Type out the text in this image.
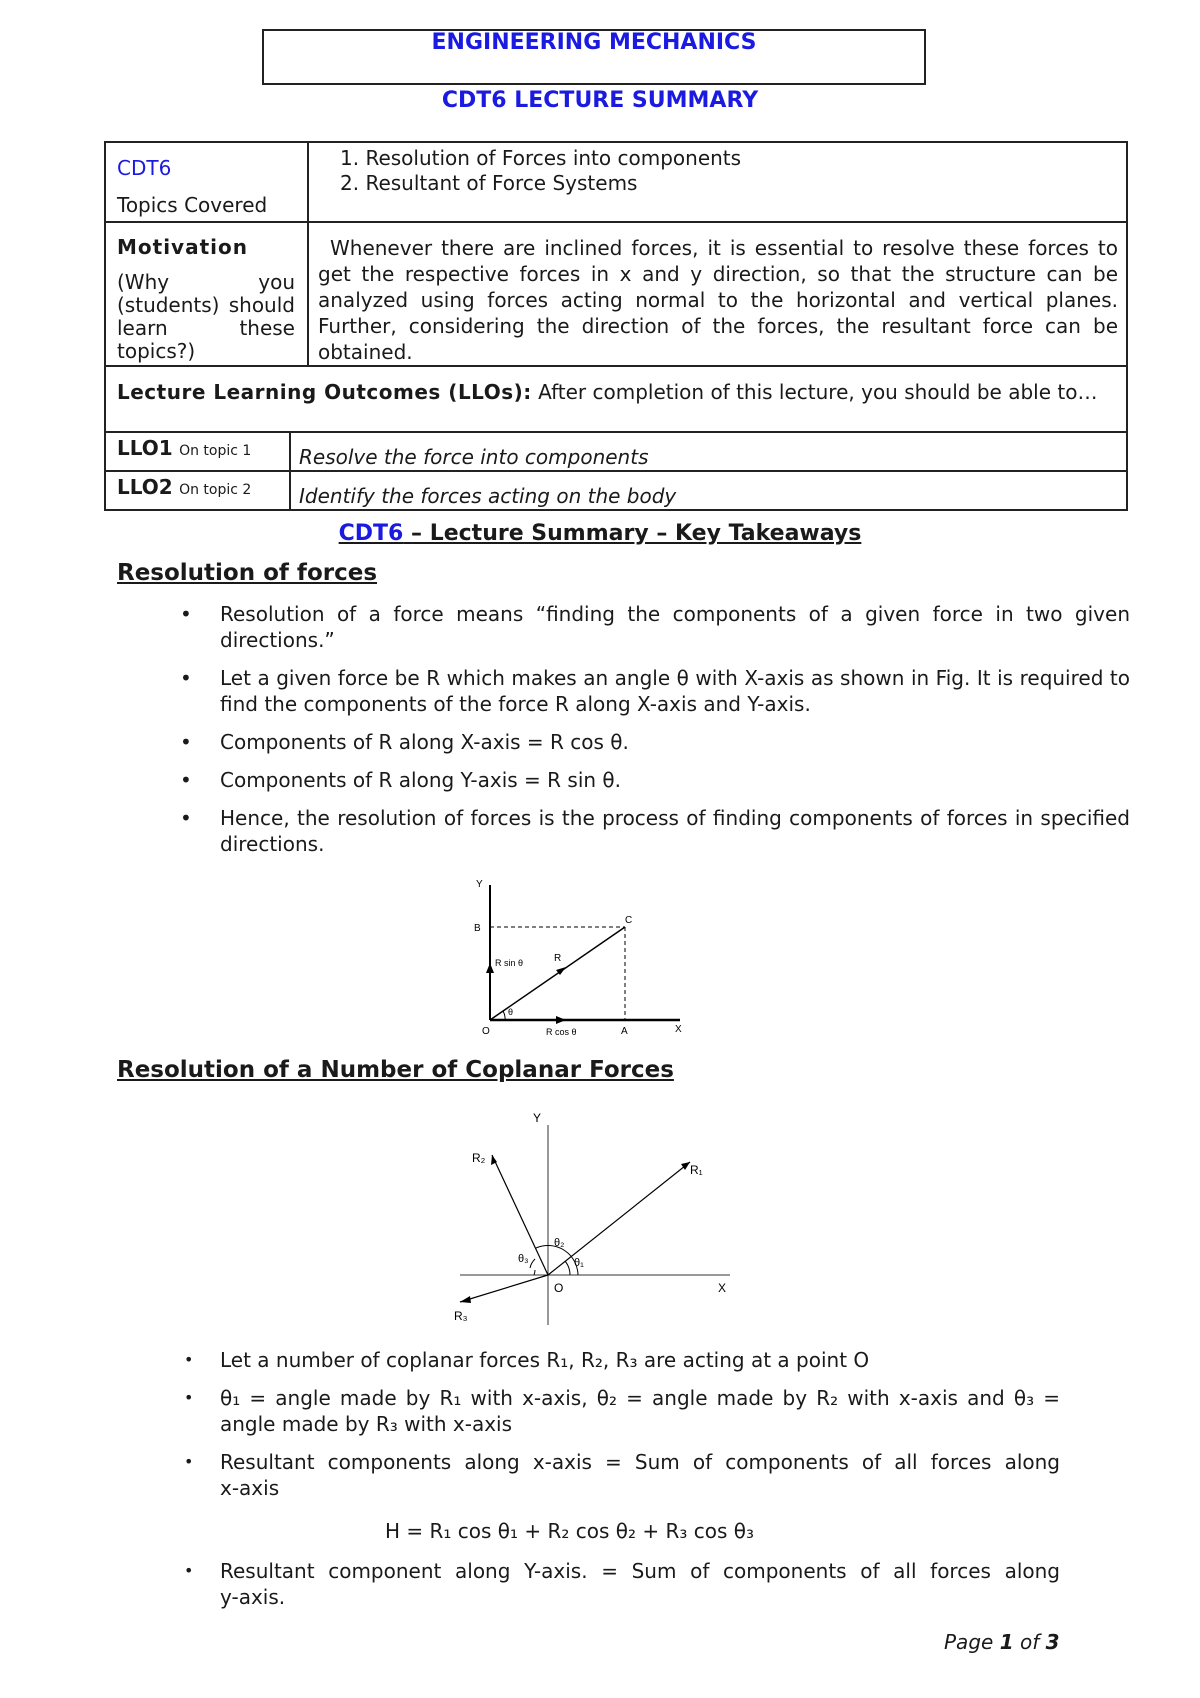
ENGINEERING MECHANICS
CDT6 LECTURE SUMMARY
CDT6
Topics Covered
1. Resolution of Forces into components
2. Resultant of Force Systems
Motivation
(Why you (students) should learn these topics?)
Whenever there are inclined forces, it is essential to resolve these forces to get the respective forces in x and y direction, so that the structure can be analyzed using forces acting normal to the horizontal and vertical planes. Further, considering the direction of the forces, the resultant force can be obtained.
Lecture Learning Outcomes (LLOs): After completion of this lecture, you should be able to…
LLO1 On topic 1 Resolve the force into components
LLO2 On topic 2 Identify the forces acting on the body
CDT6 – Lecture Summary – Key Takeaways
Resolution of forces
• Resolution of a force means “finding the components of a given force in two given directions.”
• Let a given force be R which makes an angle θ with X-axis as shown in Fig. It is required to find the components of the force R along X-axis and Y-axis.
• Components of R along X-axis = R cos θ.
• Components of R along Y-axis = R sin θ.
• Hence, the resolution of forces is the process of finding components of forces in specified directions.
Y
B
C
O	A	X
R
R sin θ
R cos θ
θ
Resolution of a Number of Coplanar Forces
Y
X
O
R₁
R₂
R₃
θ₁
θ₂
θ₃
• Let a number of coplanar forces R₁, R₂, R₃ are acting at a point O
• θ₁ = angle made by R₁ with x-axis, θ₂ = angle made by R₂ with x-axis and θ₃ = angle made by R₃ with x-axis
• Resultant components along x-axis = Sum of components of all forces along x-axis
H = R₁ cos θ₁ + R₂ cos θ₂ + R₃ cos θ₃
• Resultant component along Y-axis. = Sum of components of all forces along y-axis.
Page 1 of 3
